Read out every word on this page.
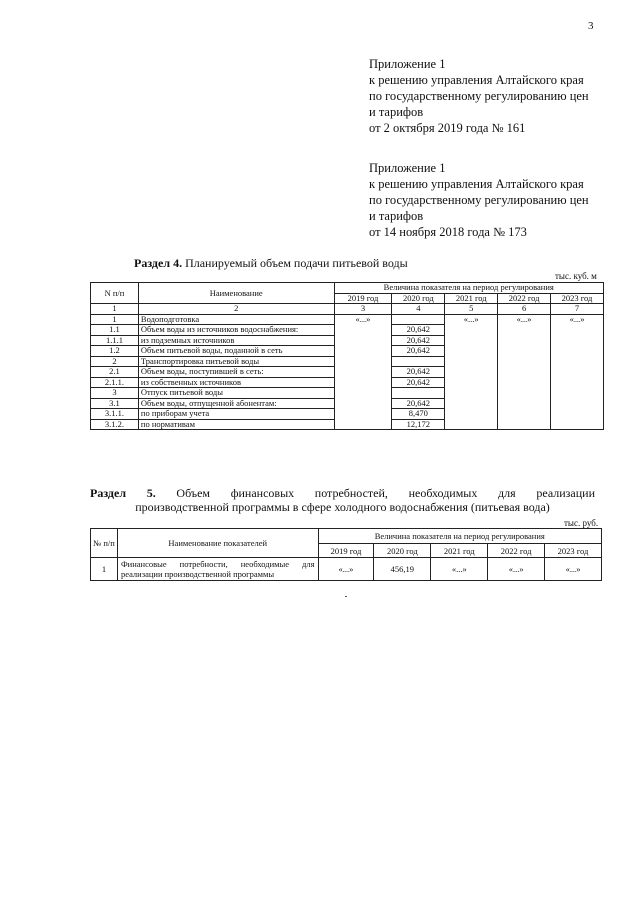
3
Приложение 1
к решению управления Алтайского края
по государственному регулированию цен
и тарифов
от 2 октября 2019 года № 161
Приложение 1
к решению управления Алтайского края
по государственному регулированию цен
и тарифов
от 14 ноября 2018 года № 173
Раздел 4. Планируемый объем подачи питьевой воды
тыс. куб. м
N п/п	Наименование	Величина показателя на период регулирования				
		2019 год	2020 год	2021 год	2022 год	2023 год
1	2	3	4	5	6	7
1	Водоподготовка	«...»		«...»	«...»	«...»
1.1	Объем воды из источников водоснабжения:		20,642			
1.1.1	из подземных источников		20,642			
1.2	Объем питьевой воды, поданной в сеть		20,642			
2	Транспортировка питьевой воды					
2.1	Объем воды, поступившей в сеть:		20,642			
2.1.1.	из собственных источников		20,642			
3	Отпуск питьевой воды					
3.1	Объем воды, отпущенной абонентам:		20,642			
3.1.1.	по приборам учета		8,470			
3.1.2.	по нормативам		12,172			
Раздел 5. Объем финансовых потребностей, необходимых для реализации
производственной программы в сфере холодного водоснабжения (питьевая вода)
тыс. руб.
№ п/п	Наименование показателей	Величина показателя на период регулирования				
		2019 год	2020 год	2021 год	2022 год	2023 год
1	Финансовые потребности, необходимые для реализации производственной программы	«...»	456,19	«...»	«...»	«...»
